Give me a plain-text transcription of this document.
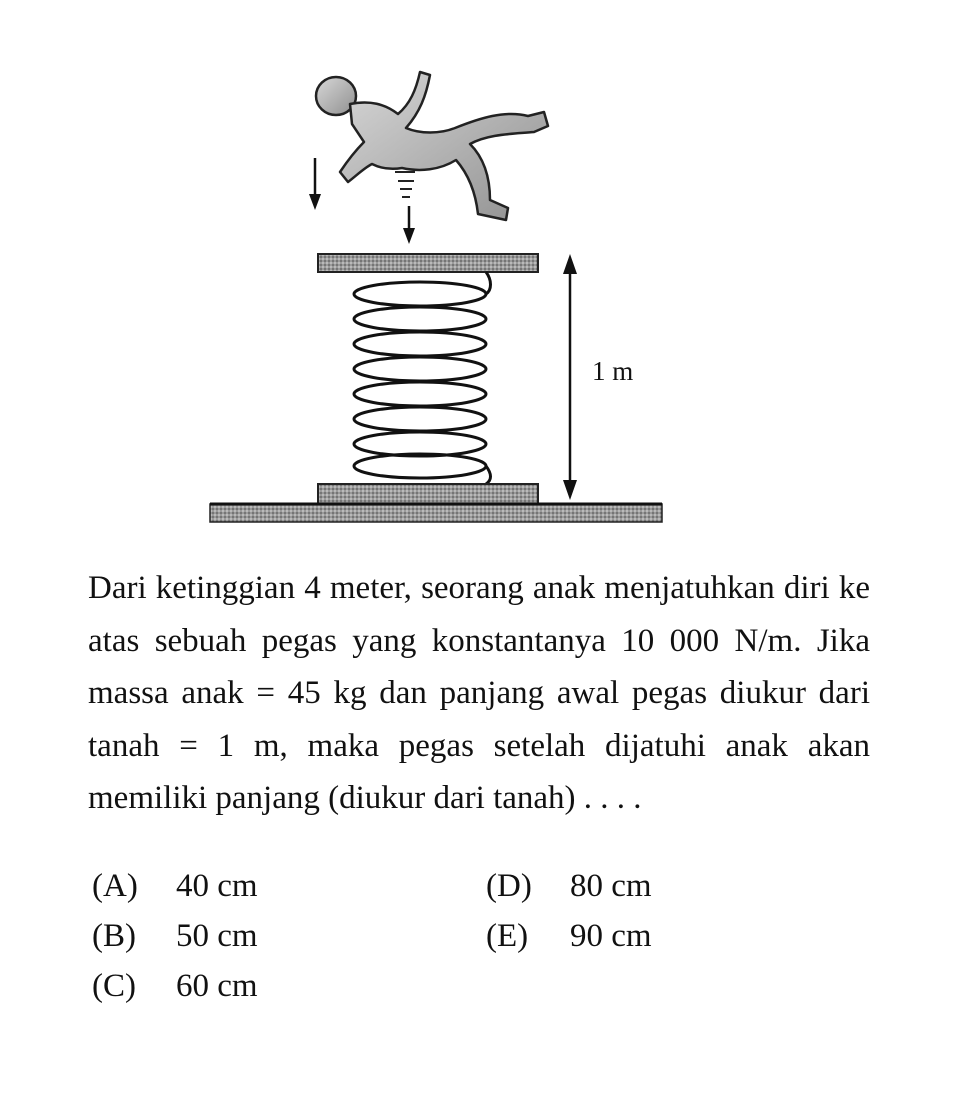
1 m

Dari ketinggian 4 meter, seorang anak menjatuhkan diri ke atas sebuah pegas yang konstantanya 10 000 N/m. Jika massa anak = 45 kg dan panjang awal pegas diukur dari tanah = 1 m, maka pegas setelah dijatuhi anak akan memiliki panjang (diukur dari tanah) . . . .

(A) 40 cm
(B) 50 cm
(C) 60 cm
(D) 80 cm
(E) 90 cm
